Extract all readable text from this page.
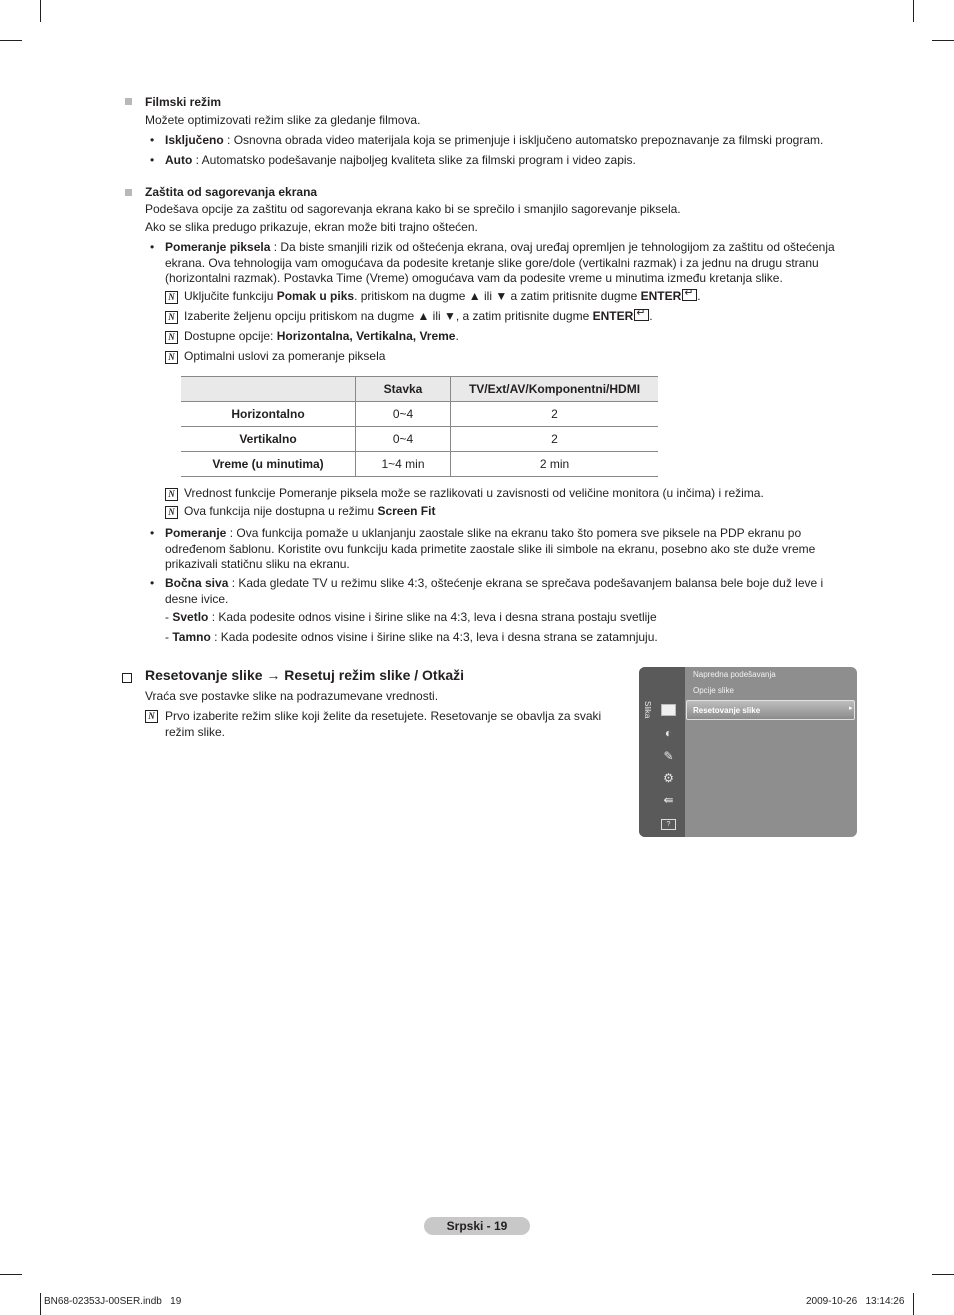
Filmski režim
Možete optimizovati režim slike za gledanje filmova.
• Isključeno : Osnovna obrada video materijala koja se primenjuje i isključeno automatsko prepoznavanje za filmski program.
• Auto : Automatsko podešavanje najboljeg kvaliteta slike za filmski program i video zapis.
Zaštita od sagorevanja ekrana
Podešava opcije za zaštitu od sagorevanja ekrana kako bi se sprečilo i smanjilo sagorevanje piksela.
Ako se slika predugo prikazuje, ekran može biti trajno oštećen.
• Pomeranje piksela : Da biste smanjili rizik od oštećenja ekrana, ovaj uređaj opremljen je tehnologijom za zaštitu od oštećenja ekrana. Ova tehnologija vam omogućava da podesite kretanje slike gore/dole (vertikalni razmak) i za jednu na drugu stranu (horizontalni razmak). Postavka Time (Vreme) omogućava vam da podesite vreme u minutima između kretanja slike.
N Uključite funkciju Pomak u piks. pritiskom na dugme ▲ ili ▼ a zatim pritisnite dugme ENTER ↵ .
N Izaberite željenu opciju pritiskom na dugme ▲ ili ▼, a zatim pritisnite dugme ENTER ↵ .
N Dostupne opcije: Horizontalna, Vertikalna, Vreme.
N Optimalni uslovi za pomeranje piksela
	Stavka	TV/Ext/AV/Komponentni/HDMI
Horizontalno	0~4	2
Vertikalno	0~4	2
Vreme (u minutima)	1~4 min	2 min
N Vrednost funkcije Pomeranje piksela može se razlikovati u zavisnosti od veličine monitora (u inčima) i režima.
N Ova funkcija nije dostupna u režimu Screen Fit
• Pomeranje : Ova funkcija pomaže u uklanjanju zaostale slike na ekranu tako što pomera sve piksele na PDP ekranu po određenom šablonu. Koristite ovu funkciju kada primetite zaostale slike ili simbole na ekranu, posebno ako ste duže vreme prikazivali statičnu sliku na ekranu.
• Bočna siva : Kada gledate TV u režimu slike 4:3, oštećenje ekrana se sprečava podešavanjem balansa bele boje duž leve i desne ivice.
- Svetlo : Kada podesite odnos visine i širine slike na 4:3, leva i desna strana postaju svetlije
- Tamno : Kada podesite odnos visine i širine slike na 4:3, leva i desna strana se zatamnjuju.
Resetovanje slike → Resetuj režim slike / Otkaži
Vraća sve postavke slike na podrazumevane vrednosti.
N Prvo izaberite režim slike koji želite da resetujete. Resetovanje se obavlja za svaki režim slike.
Slika
◐
✎
⚙
⇚
?
Napredna podešavanja
Opcije slike
Resetovanje slike	▸
Srpski - 19
BN68-02353J-00SER.indb   19	2009-10-26   13:14:26
